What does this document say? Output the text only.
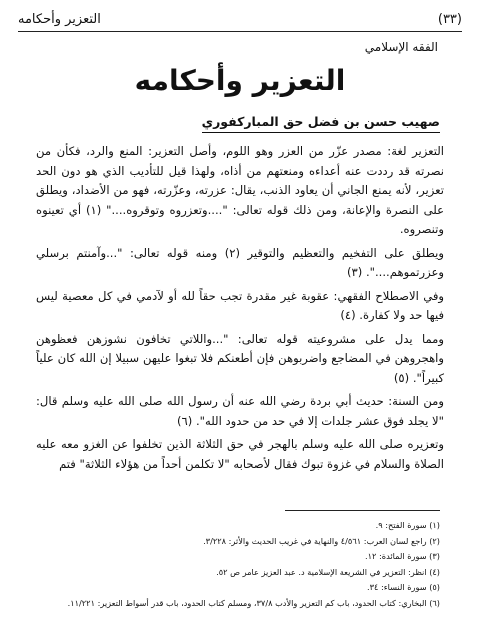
(٣٣)
التعزير وأحكامه
الفقه الإسلامي
التعزير وأحكامه
صهيب حسن بن فضل حق المباركفوري

التعزير لغة: مصدر عزّر من العزر وهو اللوم، وأصل التعزير: المنع والرد، فكأن من نصرته قد رددت عنه أعداءه ومنعتهم من أذاه، ولهذا قيل للتأديب الذي هو دون الحد تعزير، لأنه يمنع الجاني أن يعاود الذنب، يقال: عزرته، وعزّرته، فهو من الأضداد، ويطلق على النصرة والإعانة، ومن ذلك قوله تعالى: "....وتعزروه وتوقروه...." (١) أي تعينوه وتنصروه.

ويطلق على التفخيم والتعظيم والتوقير (٢) ومنه قوله تعالى: "...وآمنتم برسلي وعزرتموهم....". (٣)

وفي الاصطلاح الفقهي: عقوبة غير مقدرة تجب حقاً لله أو لآدمي في كل معصية ليس فيها حد ولا كفارة. (٤)

ومما يدل على مشروعيته قوله تعالى: "...واللاتي تخافون نشوزهن فعظوهن واهجروهن في المضاجع واضربوهن فإن أطعنكم فلا تبغوا عليهن سبيلا إن الله كان علياً كبيراً". (٥)

ومن السنة: حديث أبي بردة رضي الله عنه أن رسول الله صلى الله عليه وسلم قال: "لا يجلد فوق عشر جلدات إلا في حد من حدود الله". (٦)

وتعزيره صلى الله عليه وسلم بالهجر في حق الثلاثة الذين تخلفوا عن الغزو معه عليه الصلاة والسلام في غزوة تبوك فقال لأصحابه "لا تكلمن أحداً من هؤلاء الثلاثة" فتم

(١) سورة الفتح: ٩.
(٢) راجع لسان العرب: ٤/٥٦١ والنهاية في غريب الحديث والأثر: ٣/٢٢٨.
(٣) سورة المائدة: ١٢.
(٤) انظر: التعزير في الشريعة الإسلامية د. عبد العزيز عامر ص ٥٢.
(٥) سورة النساء: ٣٤.
(٦) البخاري: كتاب الحدود، باب كم التعزير والأدب ٣٧/٨، ومسلم كتاب الحدود، باب قدر أسواط التعزير: ١١/٢٢١.
